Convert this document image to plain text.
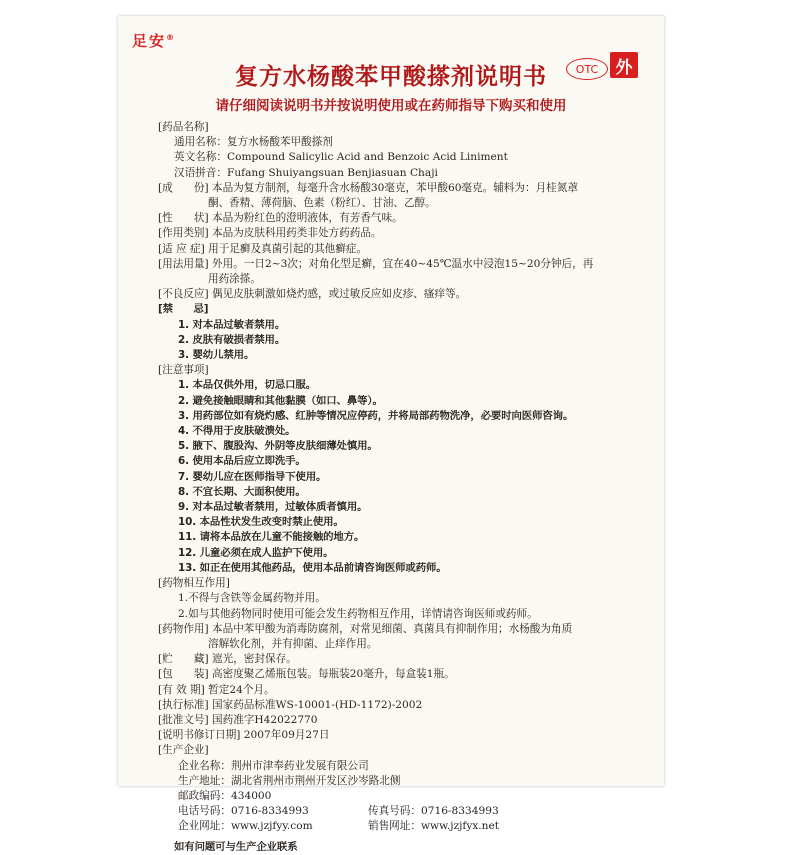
足安®
OTC	外
复方水杨酸苯甲酸搽剂说明书
请仔细阅读说明书并按说明使用或在药师指导下购买和使用
[药品名称]
通用名称：复方水杨酸苯甲酸搽剂
英文名称：Compound Salicylic Acid and Benzoic Acid Liniment
汉语拼音：Fufang Shuiyangsuan Benjiasuan Chaji
[成　　份] 本品为复方制剂，每毫升含水杨酸30毫克，苯甲酸60毫克。辅料为：月桂氮䓬
酮、香精、薄荷脑、色素（粉红）、甘油、乙醇。
[性　　状] 本品为粉红色的澄明液体，有芳香气味。
[作用类别] 本品为皮肤科用药类非处方药药品。
[适 应 症] 用于足癣及真菌引起的其他癣症。
[用法用量] 外用。一日2~3次；对角化型足癣，宜在40~45℃温水中浸泡15~20分钟后，再
用药涂搽。
[不良反应] 偶见皮肤刺激如烧灼感，或过敏反应如皮疹、瘙痒等。
[禁　　忌]
1. 对本品过敏者禁用。
2. 皮肤有破损者禁用。
3. 婴幼儿禁用。
[注意事项]
1. 本品仅供外用，切忌口服。
2. 避免接触眼睛和其他黏膜（如口、鼻等）。
3. 用药部位如有烧灼感、红肿等情况应停药，并将局部药物洗净，必要时向医师咨询。
4. 不得用于皮肤破溃处。
5. 腋下、腹股沟、外阴等皮肤细薄处慎用。
6. 使用本品后应立即洗手。
7. 婴幼儿应在医师指导下使用。
8. 不宜长期、大面积使用。
9. 对本品过敏者禁用，过敏体质者慎用。
10. 本品性状发生改变时禁止使用。
11. 请将本品放在儿童不能接触的地方。
12. 儿童必须在成人监护下使用。
13. 如正在使用其他药品，使用本品前请咨询医师或药师。
[药物相互作用]
1.不得与含铁等金属药物并用。
2.如与其他药物同时使用可能会发生药物相互作用，详情请咨询医师或药师。
[药物作用] 本品中苯甲酸为消毒防腐剂，对常见细菌、真菌具有抑制作用；水杨酸为角质
溶解软化剂，并有抑菌、止痒作用。
[贮　　藏] 遮光，密封保存。
[包　　装] 高密度聚乙烯瓶包装。每瓶装20毫升，每盒装1瓶。
[有 效 期] 暂定24个月。
[执行标准] 国家药品标准WS-10001-(HD-1172)-2002
[批准文号] 国药准字H42022770
[说明书修订日期] 2007年09月27日
[生产企业]
企业名称：荆州市津奉药业发展有限公司
生产地址：湖北省荆州市荆州开发区沙岑路北侧
邮政编码：434000
电话号码：0716-8334993	传真号码：0716-8334993
企业网址：www.jzjfyy.com	销售网址：www.jzjfyx.net
如有问题可与生产企业联系
